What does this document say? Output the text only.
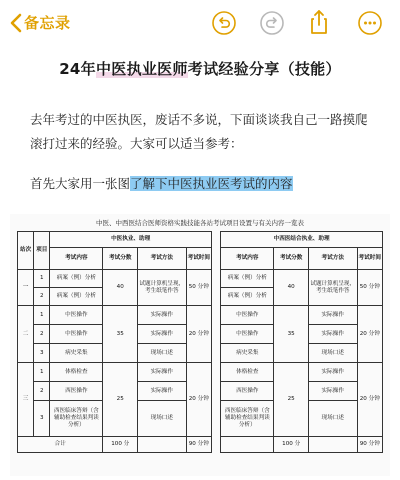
备忘录
24年中医执业医师考试经验分享（技能）
去年考过的中医执医，废话不多说，下面谈谈我自己一路摸爬滚打过来的经验。大家可以适当参考：
首先大家用一张图了解下中医执业医考试的内容
中医、中西医结合医师资格实践技能各站考试项目设置与有关内容一览表
站次	项目	中医执业、助理					中西医结合执业、助理			
		考试内容	考试分数	考试方法	考试时间		考试内容	考试分数	考试方法	考试时间
一	1	病案（例）分析	40	试题计算机呈现，考生纸笔作答	50 分钟		病案（例）分析	40	试题计算机呈现，考生纸笔作答	50 分钟
	2	病案（例）分析					病案（例）分析			
二	1	中医操作	35	实际操作	20 分钟		中医操作	35	实际操作	20 分钟
	2	中医操作		实际操作			中医操作		实际操作	
	3	病史采集		现场口述			病史采集		现场口述	
三	1	体格检查	25	实际操作	20 分钟		体格检查	25	实际操作	20 分钟
	2	西医操作		实际操作			西医操作		实际操作	
	3	西医临床答辩（含辅助检查结果判读分析）		现场口述			西医临床答辩（含辅助检查结果判读分析）		现场口述	
合计			100 分		90 分钟			100 分		90 分钟
